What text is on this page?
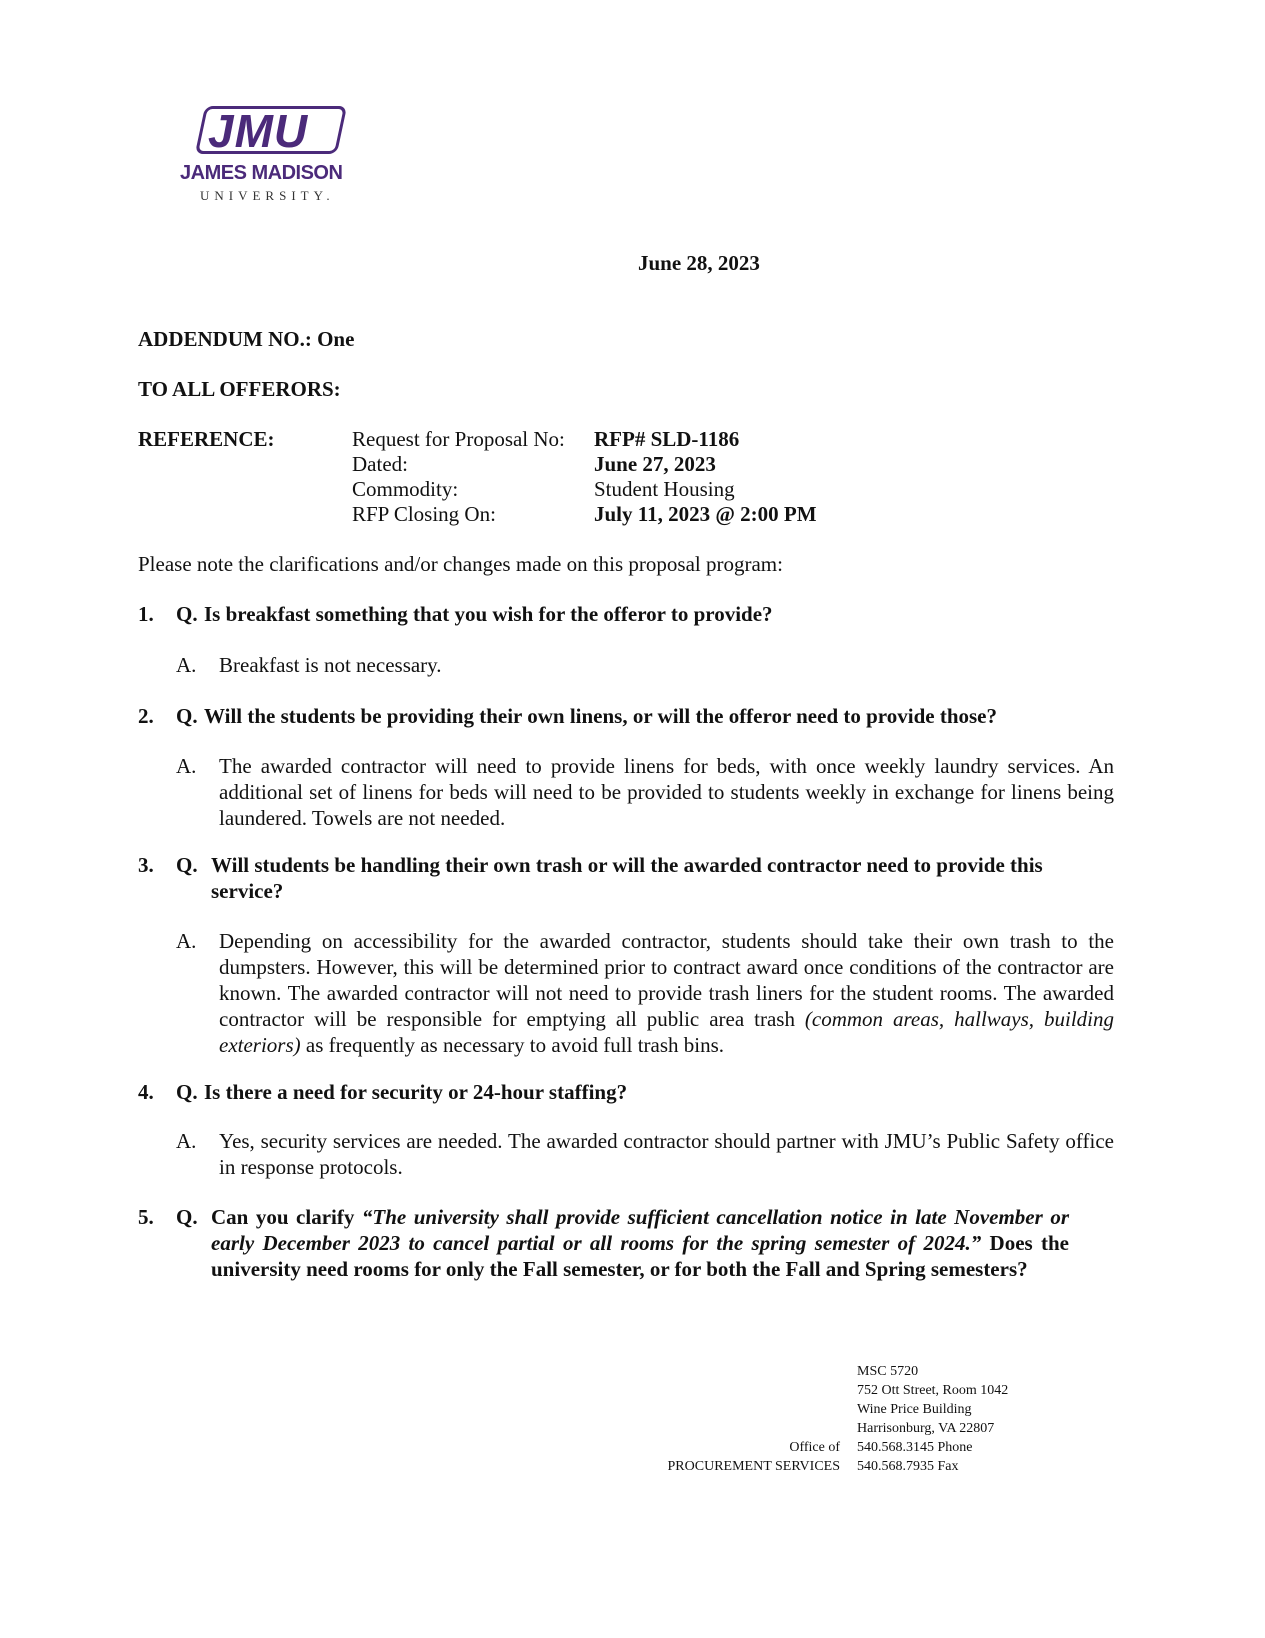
JMU
JAMES MADISON
UNIVERSITY.
June 28, 2023
ADDENDUM NO.: One
TO ALL OFFERORS:
REFERENCE:	Request for Proposal No: RFP# SLD-1186
Dated:	June 27, 2023
Commodity:	Student Housing
RFP Closing On:	July 11, 2023 @ 2:00 PM
Please note the clarifications and/or changes made on this proposal program:
1.	Q. Is breakfast something that you wish for the offeror to provide?
A. Breakfast is not necessary.
2.	Q. Will the students be providing their own linens, or will the offeror need to provide those?
A. The awarded contractor will need to provide linens for beds, with once weekly laundry services. An additional set of linens for beds will need to be provided to students weekly in exchange for linens being laundered. Towels are not needed.
3.	Q. Will students be handling their own trash or will the awarded contractor need to provide this service?
A. Depending on accessibility for the awarded contractor, students should take their own trash to the dumpsters. However, this will be determined prior to contract award once conditions of the contractor are known. The awarded contractor will not need to provide trash liners for the student rooms. The awarded contractor will be responsible for emptying all public area trash (common areas, hallways, building exteriors) as frequently as necessary to avoid full trash bins.
4.	Q. Is there a need for security or 24-hour staffing?
A. Yes, security services are needed. The awarded contractor should partner with JMU’s Public Safety office in response protocols.
5.	Q. Can you clarify “The university shall provide sufficient cancellation notice in late November or early December 2023 to cancel partial or all rooms for the spring semester of 2024.” Does the university need rooms for only the Fall semester, or for both the Fall and Spring semesters?
Office of
PROCUREMENT SERVICES
MSC 5720
752 Ott Street, Room 1042
Wine Price Building
Harrisonburg, VA 22807
540.568.3145 Phone
540.568.7935 Fax
